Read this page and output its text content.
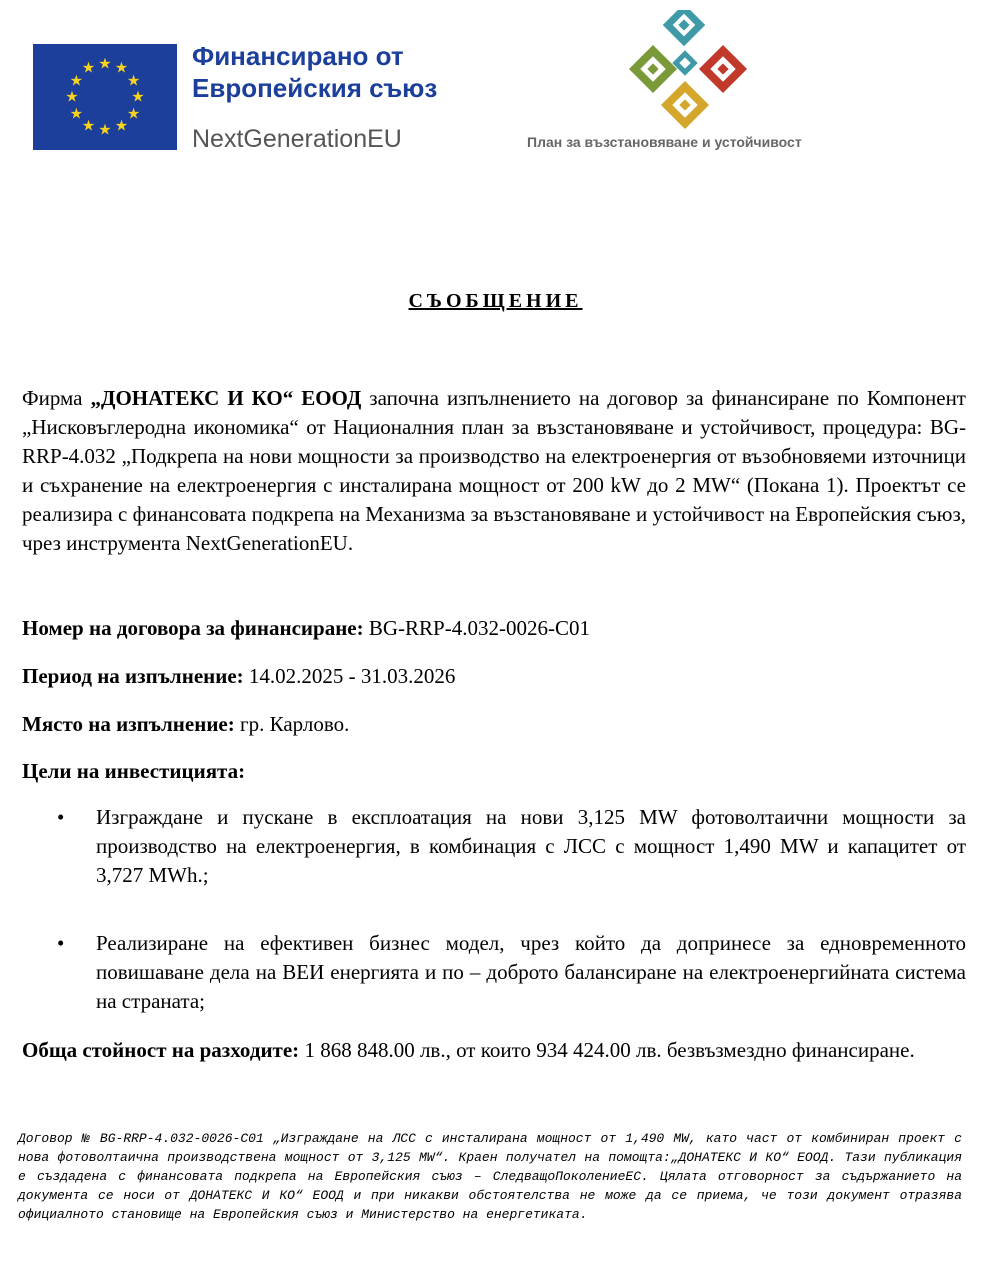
★ ★
★
★
★
★
★
★
★
★
★
★	Финансирано от Европейския съюз
NextGenerationEU	План за възстановяване и устойчивост
СЪОБЩЕНИЕ
Фирма „ДОНАТЕКС И КО“ ЕООД започна изпълнението на договор за финансиране по Компонент „Нисковъглеродна икономика“ от Националния план за възстановяване и устойчивост, процедура: BG-RRP-4.032 „Подкрепа на нови мощности за производство на електроенергия от възобновяеми източници и съхранение на електроенергия с инсталирана мощност от 200 kW до 2 MW“ (Покана 1). Проектът се реализира с финансовата подкрепа на Механизма за възстановяване и устойчивост на Европейския съюз, чрез инструмента NextGenerationEU.
Номер на договора за финансиране: BG-RRP-4.032-0026-C01
Период на изпълнение: 14.02.2025 - 31.03.2026
Място на изпълнение: гр. Карлово.
Цели на инвестицията:
• Изграждане и пускане в експлоатация на нови 3,125 MW фотоволтаични мощности за производство на електроенергия, в комбинация с ЛСС с мощност 1,490 MW и капацитет от 3,727 MWh.;
• Реализиране на ефективен бизнес модел, чрез който да допринесе за едновременното повишаване дела на ВЕИ енергията и по – доброто балансиране на електроенергийната система на страната;
Обща стойност на разходите: 1 868 848.00 лв., от които 934 424.00 лв. безвъзмездно финансиране.
Договор № BG-RRP-4.032-0026-C01 „Изграждане на ЛСС с инсталирана мощност от 1,490 MW, като част от комбиниран проект с нова фотоволтаична производствена мощност от 3,125 MW“. Краен получател на помощта:„ДОНАТЕКС И КО“ ЕООД. Тази публикация е създадена с финансовата подкрепа на Европейския съюз – СледващоПоколениеЕС. Цялата отговорност за съдържанието на документа се носи от ДОНАТЕКС И КО“ ЕООД и при никакви обстоятелства не може да се приема, че този документ отразява официалното становище на Европейския съюз и Министерство на енергетиката.
